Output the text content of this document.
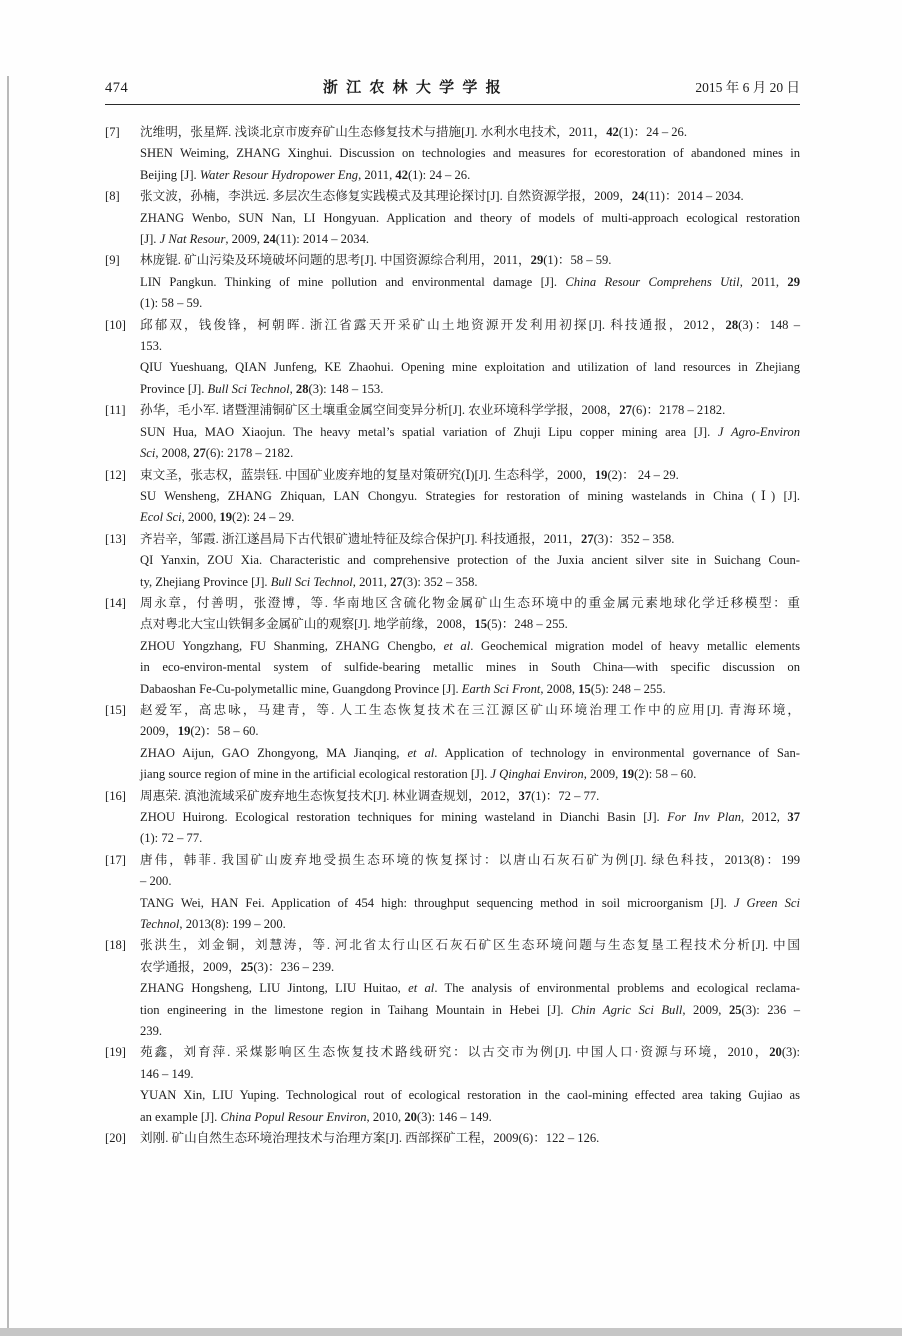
474	浙江农林大学学报	2015 年 6 月 20 日
[7] 沈维明，张星辉. 浅谈北京市废弃矿山生态修复技术与措施[J]. 水利水电技术，2011，42(1)：24 – 26.
SHEN Weiming, ZHANG Xinghui. Discussion on technologies and measures for ecorestoration of abandoned mines in
Beijing [J]. Water Resour Hydropower Eng, 2011, 42(1): 24 – 26.
[8] 张文波，孙楠，李洪远. 多层次生态修复实践模式及其理论探讨[J]. 自然资源学报，2009，24(11)：2014 – 2034.
ZHANG Wenbo, SUN Nan, LI Hongyuan. Application and theory of models of multi-approach ecological restoration
[J]. J Nat Resour, 2009, 24(11): 2014 – 2034.
[9] 林庞锟. 矿山污染及环境破坏问题的思考[J]. 中国资源综合利用，2011，29(1)：58 – 59.
LIN Pangkun. Thinking of mine pollution and environmental damage [J]. China Resour Comprehens Util, 2011, 29
(1): 58 – 59.
[10] 邱郁双，钱俊锋，柯朝晖. 浙江省露天开采矿山土地资源开发利用初探[J]. 科技通报，2012，28(3)：148 –
153.
QIU Yueshuang, QIAN Junfeng, KE Zhaohui. Opening mine exploitation and utilization of land resources in Zhejiang
Province [J]. Bull Sci Technol, 28(3): 148 – 153.
[11] 孙华，毛小军. 诸暨浬浦铜矿区土壤重金属空间变异分析[J]. 农业环境科学学报，2008，27(6)：2178 – 2182.
SUN Hua, MAO Xiaojun. The heavy metal’s spatial variation of Zhuji Lipu copper mining area [J]. J Agro-Environ
Sci, 2008, 27(6): 2178 – 2182.
[12] 束文圣，张志权，蓝崇钰. 中国矿业废弃地的复垦对策研究(Ⅰ)[J]. 生态科学，2000，19(2)： 24 – 29.
SU Wensheng, ZHANG Zhiquan, LAN Chongyu. Strategies for restoration of mining wastelands in China (Ⅰ) [J].
Ecol Sci, 2000, 19(2): 24 – 29.
[13] 齐岩辛，邹霞. 浙江遂昌局下古代银矿遗址特征及综合保护[J]. 科技通报，2011，27(3)：352 – 358.
QI Yanxin, ZOU Xia. Characteristic and comprehensive protection of the Juxia ancient silver site in Suichang Coun-
ty, Zhejiang Province [J]. Bull Sci Technol, 2011, 27(3): 352 – 358.
[14] 周永章，付善明，张澄博，等. 华南地区含硫化物金属矿山生态环境中的重金属元素地球化学迁移模型：重
点对粤北大宝山铁铜多金属矿山的观察[J]. 地学前缘，2008，15(5)：248 – 255.
ZHOU Yongzhang, FU Shanming, ZHANG Chengbo, et al. Geochemical migration model of heavy metallic elements
in eco-environ-mental system of sulfide-bearing metallic mines in South China—with specific discussion on
Dabaoshan Fe-Cu-polymetallic mine, Guangdong Province [J]. Earth Sci Front, 2008, 15(5): 248 – 255.
[15] 赵爱军，高忠咏，马建青，等. 人工生态恢复技术在三江源区矿山环境治理工作中的应用[J]. 青海环境，
2009，19(2)：58 – 60.
ZHAO Aijun, GAO Zhongyong, MA Jianqing, et al. Application of technology in environmental governance of San-
jiang source region of mine in the artificial ecological restoration [J]. J Qinghai Environ, 2009, 19(2): 58 – 60.
[16] 周惠荣. 滇池流域采矿废弃地生态恢复技术[J]. 林业调查规划，2012，37(1)：72 – 77.
ZHOU Huirong. Ecological restoration techniques for mining wasteland in Dianchi Basin [J]. For Inv Plan, 2012, 37
(1): 72 – 77.
[17] 唐伟，韩菲. 我国矿山废弃地受损生态环境的恢复探讨：以唐山石灰石矿为例[J]. 绿色科技，2013(8)：199
– 200.
TANG Wei, HAN Fei. Application of 454 high: throughput sequencing method in soil microorganism [J]. J Green Sci
Technol, 2013(8): 199 – 200.
[18] 张洪生，刘金铜，刘慧涛，等. 河北省太行山区石灰石矿区生态环境问题与生态复垦工程技术分析[J]. 中国
农学通报，2009，25(3)：236 – 239.
ZHANG Hongsheng, LIU Jintong, LIU Huitao, et al. The analysis of environmental problems and ecological reclama-
tion engineering in the limestone region in Taihang Mountain in Hebei [J]. Chin Agric Sci Bull, 2009, 25(3): 236 –
239.
[19] 苑鑫，刘育萍. 采煤影响区生态恢复技术路线研究：以古交市为例[J]. 中国人口·资源与环境，2010，20(3):
146 – 149.
YUAN Xin, LIU Yuping. Technological rout of ecological restoration in the caol-mining effected area taking Gujiao as
an example [J]. China Popul Resour Environ, 2010, 20(3): 146 – 149.
[20] 刘刚. 矿山自然生态环境治理技术与治理方案[J]. 西部探矿工程，2009(6)：122 – 126.
